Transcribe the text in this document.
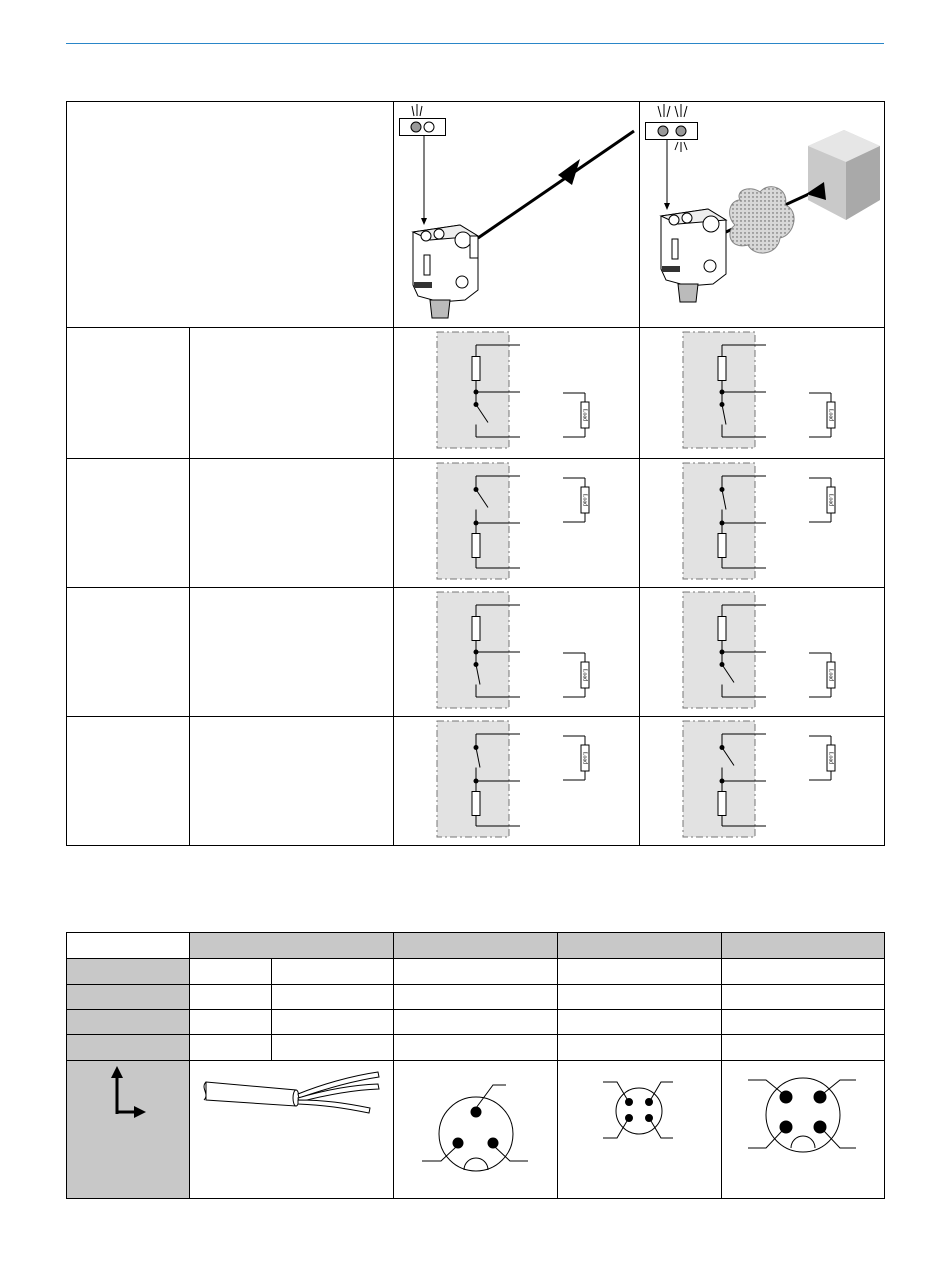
Load	Load
Load	Load
Load	Load
Load	Load
